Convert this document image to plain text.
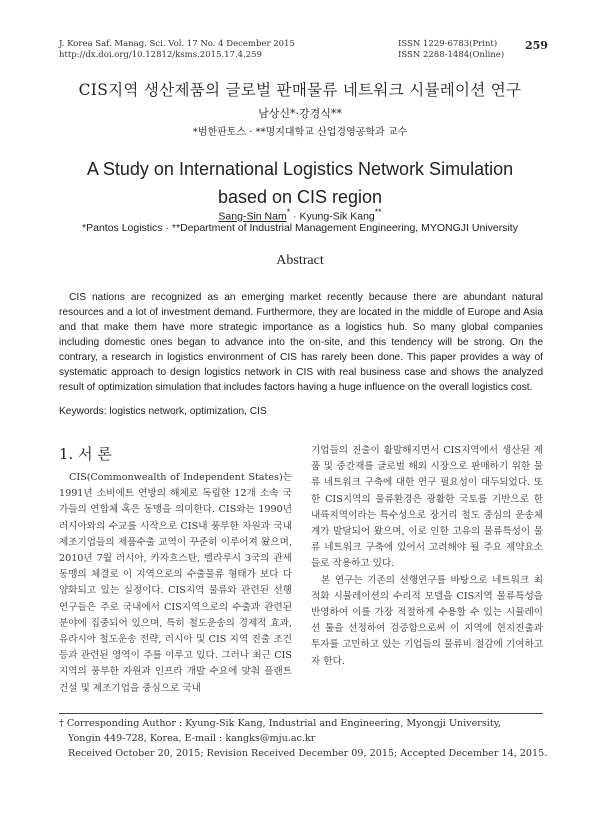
J. Korea Saf. Manag. Sci. Vol. 17 No. 4 December 2015
http://dx.doi.org/10.12812/ksms.2015.17.4.259
ISSN 1229-6783(Print)
ISSN 2288-1484(Online)
259
CIS지역 생산제품의 글로벌 판매물류 네트워크 시뮬레이션 연구
남상신*·강경식**
*범한판토스 · **명지대학교 산업경영공학과 교수
A Study on International Logistics Network Simulation
based on CIS region
Sang-Sin Nam* · Kyung-Sik Kang**
*Pantos Logistics · **Department of Industrial Management Engineering, MYONGJI University
Abstract

CIS nations are recognized as an emerging market recently because there are abundant natural resources and a lot of investment demand. Furthermore, they are located in the middle of Europe and Asia and that make them have more strategic importance as a logistics hub. So many global companies including domestic ones began to advance into the on-site, and this tendency will be strong. On the contrary, a research in logistics environment of CIS has rarely been done. This paper provides a way of systematic approach to design logistics network in CIS with real business case and shows the analyzed result of optimization simulation that includes factors having a huge influence on the overall logistics cost.

Keywords: logistics network, optimization, CIS
1. 서 론

CIS(Commonwealth of Independent States)는 1991년 소비에트 연방의 해체로 독립한 12개 소속 국가들의 연합체 혹은 동맹을 의미한다. CIS와는 1990년 러시아와의 수교를 시작으로 CIS내 풍부한 자원과 국내 제조기업들의 제품수출 교역이 꾸준히 이루어져 왔으며, 2010년 7월 러시아, 카자흐스탄, 벨라루시 3국의 관세동맹의 체결로 이 지역으로의 수출물류 형태가 보다 다양화되고 있는 실정이다. CIS지역 물류와 관련된 선행연구들은 주로 국내에서 CIS지역으로의 수출과 관련된 분야에 집중되어 있으며, 특히 철도운송의 경제적 효과, 유라시아 철도운송 전략, 러시아 및 CIS 지역 진출 조건 등과 관련된 영역이 주를 이루고 있다. 그러나 최근 CIS지역의 풍부한 자원과 인프라 개발 수요에 맞춰 플랜트 건설 및 제조기업을 중심으로 국내

기업들의 진출이 활발해지면서 CIS지역에서 생산된 제품 및 중간재를 글로벌 해외 시장으로 판매하기 위한 물류 네트워크 구축에 대한 연구 필요성이 대두되었다. 또한 CIS지역의 물류환경은 광활한 국토를 기반으로 한 내륙지역이라는 특수성으로 장거리 철도 중심의 운송체계가 발달되어 왔으며, 이로 인한 고유의 물류특성이 물류 네트워크 구축에 있어서 고려해야 될 주요 제약요소들로 작용하고 있다.

본 연구는 기존의 선행연구를 바탕으로 네트워크 최적화 시뮬레이션의 수리적 모델을 CIS지역 물류특성을 반영하여 이를 가장 적절하게 수용할 수 있는 시뮬레이션 툴을 선정하여 검증함으로써 이 지역에 현지진출과 투자를 고민하고 있는 기업들의 물류비 절감에 기여하고자 한다.

† Corresponding Author : Kyung-Sik Kang, Industrial and Engineering, Myongji University,
Yongin 449-728, Korea, E-mail : kangks@mju.ac.kr
Received October 20, 2015; Revision Received December 09, 2015; Accepted December 14, 2015.
